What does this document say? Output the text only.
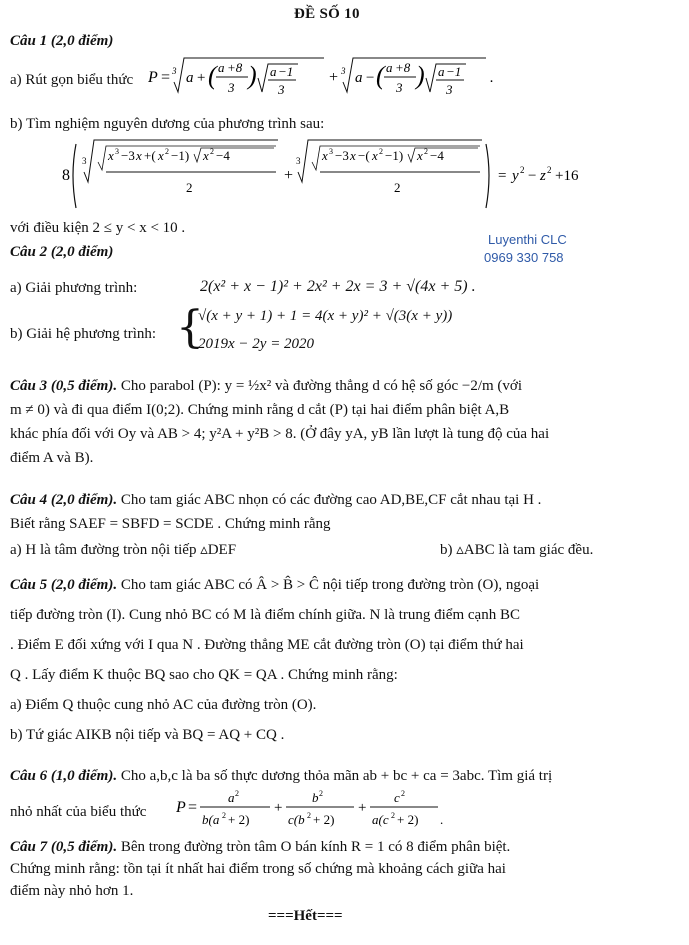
ĐỀ SỐ 10
Câu 1 (2,0 điểm)
a) Rút gọn biểu thức P = 3 a + ( a +8
3 ) a −1
3
+ 3 a − ( a +8
3 ) a −1
3
.
b) Tìm nghiệm nguyên dương của phương trình sau:
8
3 x 3 −3 x +( x 2 −1) x 2 −4
2
+
3 x 3 −3 x −( x 2 −1) x 2 −4
2
= y 2 − z 2 +16
với điều kiện 2 ≤ y < x < 10 .
Luyenthi CLC
0969 330 758
Câu 2 (2,0 điểm)
a) Giải phương trình:	2(x² + x − 1)² + 2x² + 2x = 3 + √(4x + 5) .
b) Giải hệ phương trình: {
√(x + y + 1) + 1 = 4(x + y)² + √(3(x + y))
2019x − 2y = 2020
Câu 3 (0,5 điểm). Cho parabol (P): y = ½x² và đường thẳng d có hệ số góc −2/m (với
m ≠ 0) và đi qua điểm I(0;2). Chứng minh rằng d cắt (P) tại hai điểm phân biệt A,B
khác phía đối với Oy và AB > 4; y²A + y²B > 8. (Ở đây yA, yB lần lượt là tung độ của hai
điểm A và B).
Câu 4 (2,0 điểm). Cho tam giác ABC nhọn có các đường cao AD,BE,CF cắt nhau tại H .
Biết rằng SAEF = SBFD = SCDE . Chứng minh rằng
a) H là tâm đường tròn nội tiếp ▵DEF	b) ▵ABC là tam giác đều.
Câu 5 (2,0 điểm). Cho tam giác ABC có Â > B̂ > Ĉ nội tiếp trong đường tròn (O), ngoại
tiếp đường tròn (I). Cung nhỏ BC có M là điểm chính giữa. N là trung điểm cạnh BC
. Điểm E đối xứng với I qua N . Đường thẳng ME cắt đường tròn (O) tại điểm thứ hai
Q . Lấy điểm K thuộc BQ sao cho QK = QA . Chứng minh rằng:
a) Điểm Q thuộc cung nhỏ AC của đường tròn (O).
b) Tứ giác AIKB nội tiếp và BQ = AQ + CQ .
Câu 6 (1,0 điểm). Cho a,b,c là ba số thực dương thỏa mãn ab + bc + ca = 3abc. Tìm giá trị
nhỏ nhất của biểu thức P =
a 2
b(a 2 + 2)
+
b 2
c(b 2 + 2)
+
c 2
a(c 2 + 2) .
Câu 7 (0,5 điểm). Bên trong đường tròn tâm O bán kính R = 1 có 8 điểm phân biệt.
Chứng minh rằng: tồn tại ít nhất hai điểm trong số chứng mà khoảng cách giữa hai
điểm này nhỏ hơn 1.
===Hết===
